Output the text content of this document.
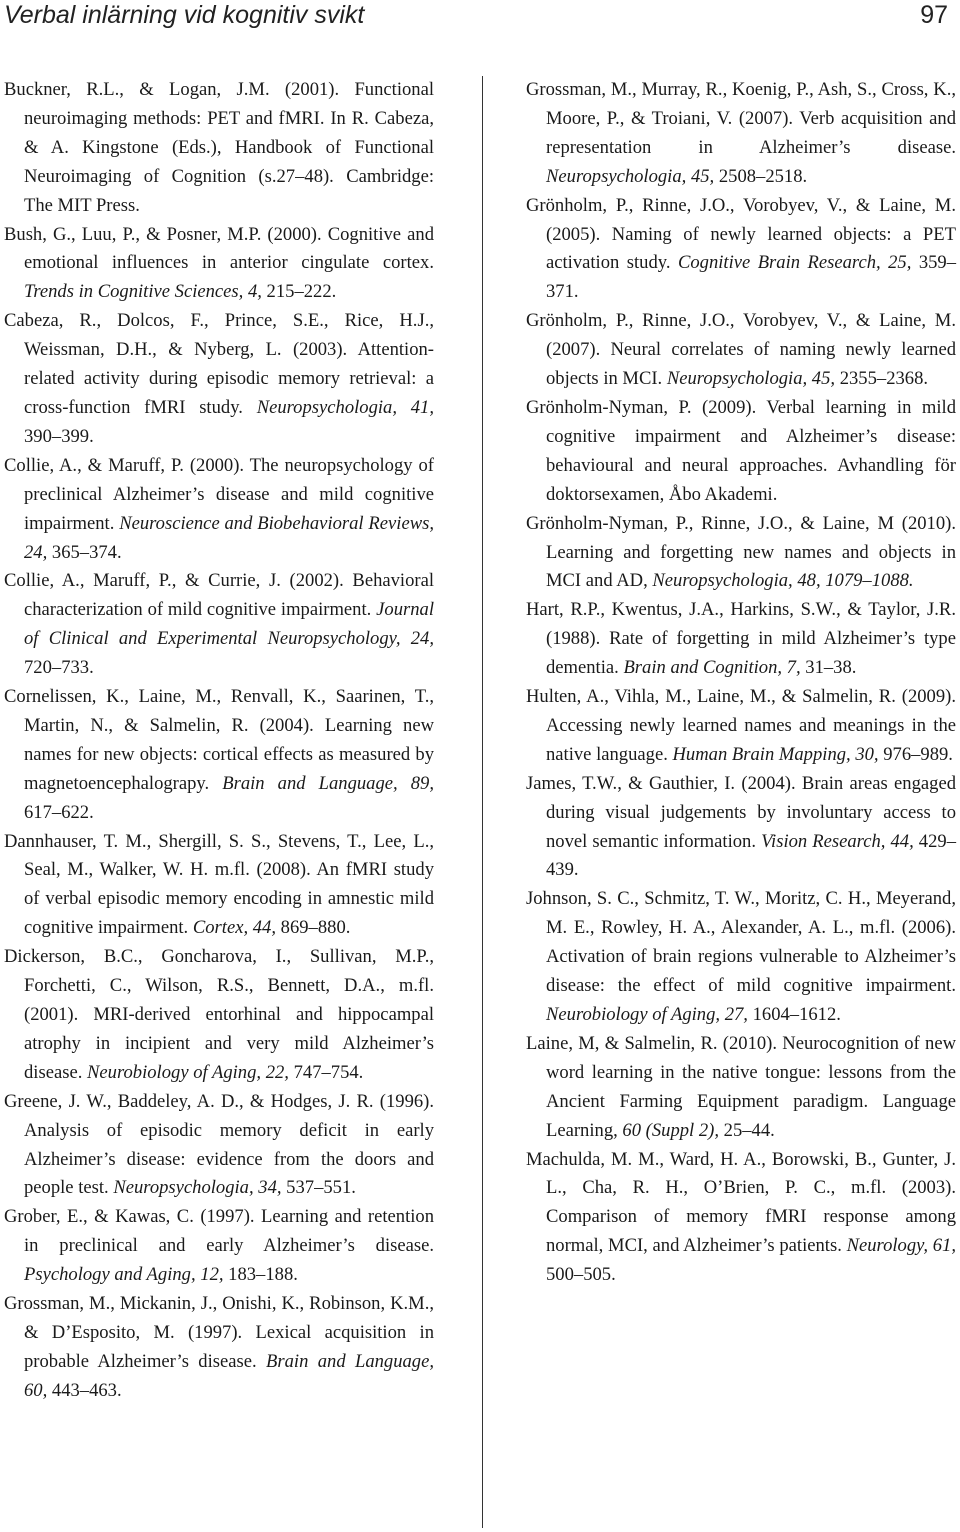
Verbal inlärning vid kognitiv svikt	97

Buckner, R.L., & Logan, J.M. (2001). Functional neuroimaging methods: PET and fMRI. In R. Cabeza, & A. Kingstone (Eds.), Handbook of Functional Neuroimaging of Cognition (s.27–48). Cambridge: The MIT Press.

Bush, G., Luu, P., & Posner, M.P. (2000). Cognitive and emotional influences in anterior cingulate cortex. Trends in Cognitive Sciences, 4, 215–222.

Cabeza, R., Dolcos, F., Prince, S.E., Rice, H.J., Weissman, D.H., & Nyberg, L. (2003). Attention-related activity during episodic memory retrieval: a cross-function fMRI study. Neuropsychologia, 41, 390–399.

Collie, A., & Maruff, P. (2000). The neuropsychology of preclinical Alzheimer’s disease and mild cognitive impairment. Neuroscience and Biobehavioral Reviews, 24, 365–374.

Collie, A., Maruff, P., & Currie, J. (2002). Behavioral characterization of mild cognitive impairment. Journal of Clinical and Experimental Neuropsychology, 24, 720–733.

Cornelissen, K., Laine, M., Renvall, K., Saarinen, T., Martin, N., & Salmelin, R. (2004). Learning new names for new objects: cortical effects as measured by magnetoencephalograpy. Brain and Language, 89, 617–622.

Dannhauser, T. M., Shergill, S. S., Stevens, T., Lee, L., Seal, M., Walker, W. H. m.fl. (2008). An fMRI study of verbal episodic memory encoding in amnestic mild cognitive impairment. Cortex, 44, 869–880.

Dickerson, B.C., Goncharova, I., Sullivan, M.P., Forchetti, C., Wilson, R.S., Bennett, D.A., m.fl. (2001). MRI-derived entorhinal and hippocampal atrophy in incipient and very mild Alzheimer’s disease. Neurobiology of Aging, 22, 747–754.

Greene, J. W., Baddeley, A. D., & Hodges, J. R. (1996). Analysis of episodic memory deficit in early Alzheimer’s disease: evidence from the doors and people test. Neuropsychologia, 34, 537–551.

Grober, E., & Kawas, C. (1997). Learning and retention in preclinical and early Alzheimer’s disease. Psychology and Aging, 12, 183–188.

Grossman, M., Mickanin, J., Onishi, K., Robinson, K.M., & D’Esposito, M. (1997). Lexical acquisition in probable Alzheimer’s disease. Brain and Language, 60, 443–463.

Grossman, M., Murray, R., Koenig, P., Ash, S., Cross, K., Moore, P., & Troiani, V. (2007). Verb acquisition and representation in Alzheimer’s disease. Neuropsychologia, 45, 2508–2518.

Grönholm, P., Rinne, J.O., Vorobyev, V., & Laine, M. (2005). Naming of newly learned objects: a PET activation study. Cognitive Brain Research, 25, 359–371.

Grönholm, P., Rinne, J.O., Vorobyev, V., & Laine, M. (2007). Neural correlates of naming newly learned objects in MCI. Neuropsychologia, 45, 2355–2368.

Grönholm-Nyman, P. (2009). Verbal learning in mild cognitive impairment and Alzheimer’s disease: behavioural and neural approaches. Avhandling för doktorsexamen, Åbo Akademi.

Grönholm-Nyman, P., Rinne, J.O., & Laine, M (2010). Learning and forgetting new names and objects in MCI and AD, Neuropsychologia, 48, 1079–1088.

Hart, R.P., Kwentus, J.A., Harkins, S.W., & Taylor, J.R. (1988). Rate of forgetting in mild Alzheimer’s type dementia. Brain and Cognition, 7, 31–38.

Hulten, A., Vihla, M., Laine, M., & Salmelin, R. (2009). Accessing newly learned names and meanings in the native language. Human Brain Mapping, 30, 976–989.

James, T.W., & Gauthier, I. (2004). Brain areas engaged during visual judgements by involuntary access to novel semantic information. Vision Research, 44, 429–439.

Johnson, S. C., Schmitz, T. W., Moritz, C. H., Meyerand, M. E., Rowley, H. A., Alexander, A. L., m.fl. (2006). Activation of brain regions vulnerable to Alzheimer’s disease: the effect of mild cognitive impairment. Neurobiology of Aging, 27, 1604–1612.

Laine, M, & Salmelin, R. (2010). Neurocognition of new word learning in the native tongue: lessons from the Ancient Farming Equipment paradigm. Language Learning, 60 (Suppl 2), 25–44.

Machulda, M. M., Ward, H. A., Borowski, B., Gunter, J. L., Cha, R. H., O’Brien, P. C., m.fl. (2003). Comparison of memory fMRI response among normal, MCI, and Alzheimer’s patients. Neurology, 61, 500–505.
